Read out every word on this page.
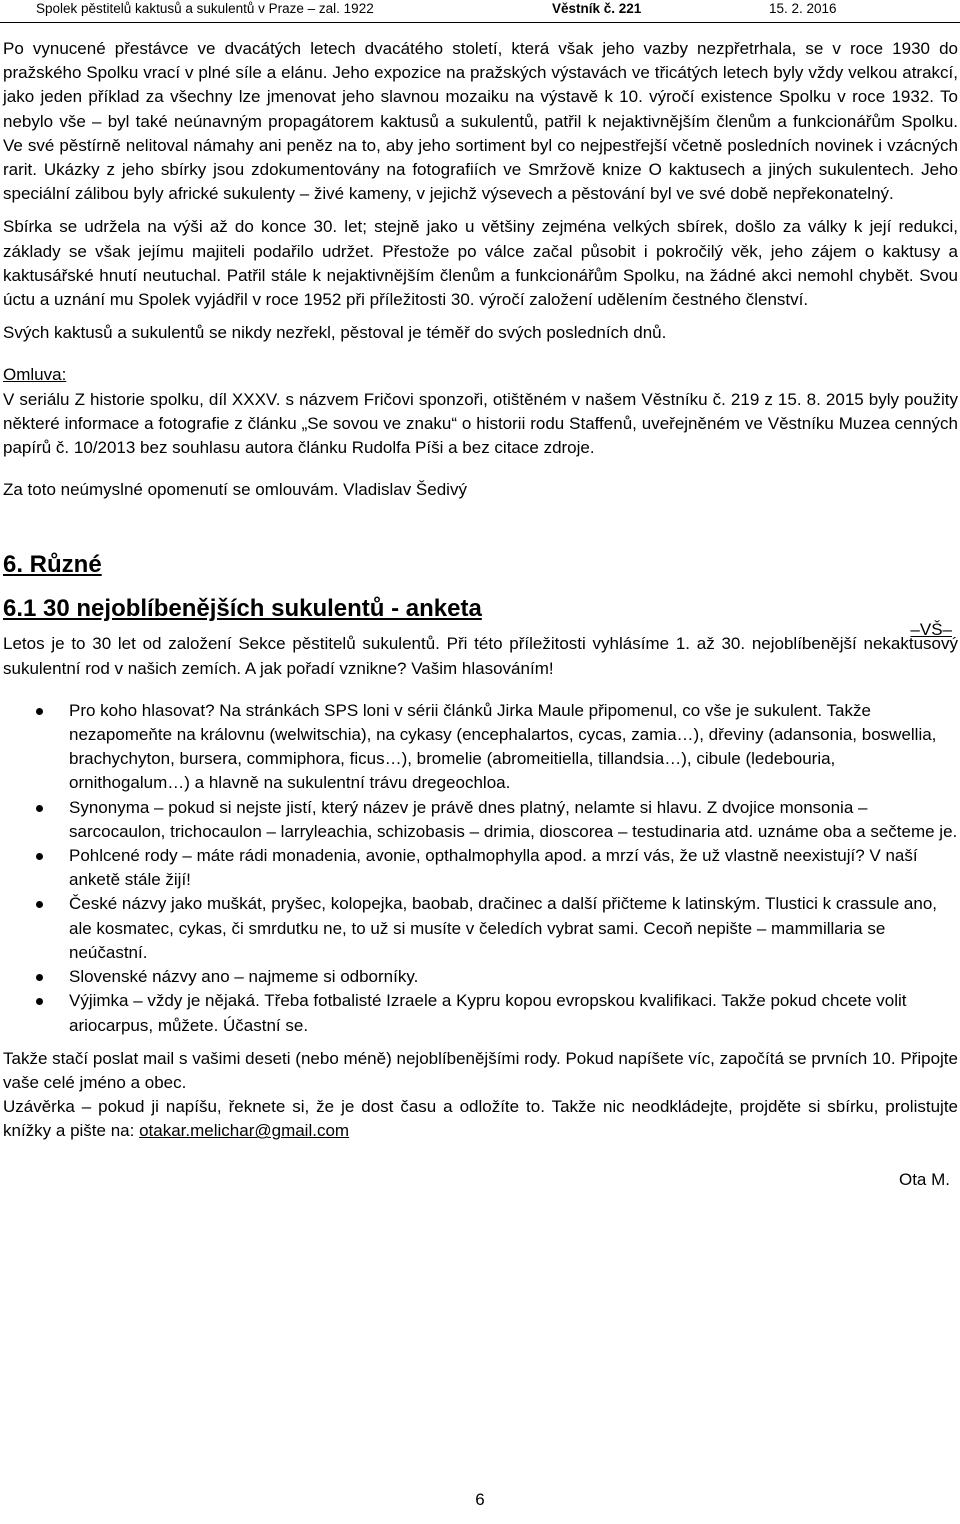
Spolek pěstitelů kaktusů a sukulentů v Praze – zal. 1922	Věstník č. 221	15. 2. 2016

Po vynucené přestávce ve dvacátých letech dvacátého století, která však jeho vazby nezpřetrhala, se v roce 1930 do pražského Spolku vrací v plné síle a elánu. Jeho expozice na pražských výstavách ve třicátých letech byly vždy velkou atrakcí, jako jeden příklad za všechny lze jmenovat jeho slavnou mozaiku na výstavě k 10. výročí existence Spolku v roce 1932. To nebylo vše – byl také neúnavným propagátorem kaktusů a sukulentů, patřil k nejaktivnějším členům a funkcionářům Spolku. Ve své pěstírně nelitoval námahy ani peněz na to, aby jeho sortiment byl co nejpestřejší včetně posledních novinek i vzácných rarit. Ukázky z jeho sbírky jsou zdokumentovány na fotografiích ve Smržově knize O kaktusech a jiných sukulentech. Jeho speciální zálibou byly africké sukulenty – živé kameny, v jejichž výsevech a pěstování byl ve své době nepřekonatelný.

Sbírka se udržela na výši až do konce 30. let; stejně jako u většiny zejména velkých sbírek, došlo za války k její redukci, základy se však jejímu majiteli podařilo udržet. Přestože po válce začal působit i pokročilý věk, jeho zájem o kaktusy a kaktusářské hnutí neutuchal. Patřil stále k nejaktivnějším členům a funkcionářům Spolku, na žádné akci nemohl chybět. Svou úctu a uznání mu Spolek vyjádřil v roce 1952 při příležitosti 30. výročí založení udělením čestného členství.

Svých kaktusů a sukulentů se nikdy nezřekl, pěstoval je téměř do svých posledních dnů.

Omluva:

V seriálu Z historie spolku, díl XXXV. s názvem Fričovi sponzoři, otištěném v našem Věstníku č. 219 z 15. 8. 2015 byly použity některé informace a fotografie z článku „Se sovou ve znaku“ o historii rodu Staffenů, uveřejněném ve Věstníku Muzea cenných papírů č. 10/2013 bez souhlasu autora článku Rudolfa Píši a bez citace zdroje.

Za toto neúmyslné opomenutí se omlouvám. Vladislav Šedivý

6. Různé
6.1 30 nejoblíbenějších sukulentů - anketa

Letos je to 30 let od založení Sekce pěstitelů sukulentů. Při této příležitosti vyhlásíme 1. až 30. nejoblíbenější nekaktusový sukulentní rod v našich zemích. A jak pořadí vznikne? Vašim hlasováním!

Pro koho hlasovat? Na stránkách SPS loni v sérii článků Jirka Maule připomenul, co vše je sukulent. Takže nezapomeňte na královnu (welwitschia), na cykasy (encephalartos, cycas, zamia…), dřeviny (adansonia, boswellia, brachychyton, bursera, commiphora, ficus…), bromelie (abromeitiella, tillandsia…), cibule (ledebouria, ornithogalum…) a hlavně na sukulentní trávu dregeochloa.
Synonyma – pokud si nejste jistí, který název je právě dnes platný, nelamte si hlavu. Z dvojice monsonia – sarcocaulon, trichocaulon – larryleachia, schizobasis – drimia, dioscorea – testudinaria atd. uznáme oba a sečteme je.
Pohlcené rody – máte rádi monadenia, avonie, opthalmophylla apod. a mrzí vás, že už vlastně neexistují? V naší anketě stále žijí!
České názvy jako muškát, pryšec, kolopejka, baobab, dračinec a další přičteme k latinským. Tlustici k crassule ano, ale kosmatec, cykas, či smrdutku ne, to už si musíte v čeledích vybrat sami. Cecoň nepište – mammillaria se neúčastní.
Slovenské názvy ano – najmeme si odborníky.
Výjimka – vždy je nějaká. Třeba fotbalisté Izraele a Kypru kopou evropskou kvalifikaci. Takže pokud chcete volit ariocarpus, můžete. Účastní se.

Takže stačí poslat mail s vašimi deseti (nebo méně) nejoblíbenějšími rody. Pokud napíšete víc, započítá se prvních 10. Připojte vaše celé jméno a obec.

Uzávěrka – pokud ji napíšu, řeknete si, že je dost času a odložíte to. Takže nic neodkládejte, projděte si sbírku, prolistujte knížky a pište na: otakar.melichar@gmail.com

Ota M.

–VŠ–
6
